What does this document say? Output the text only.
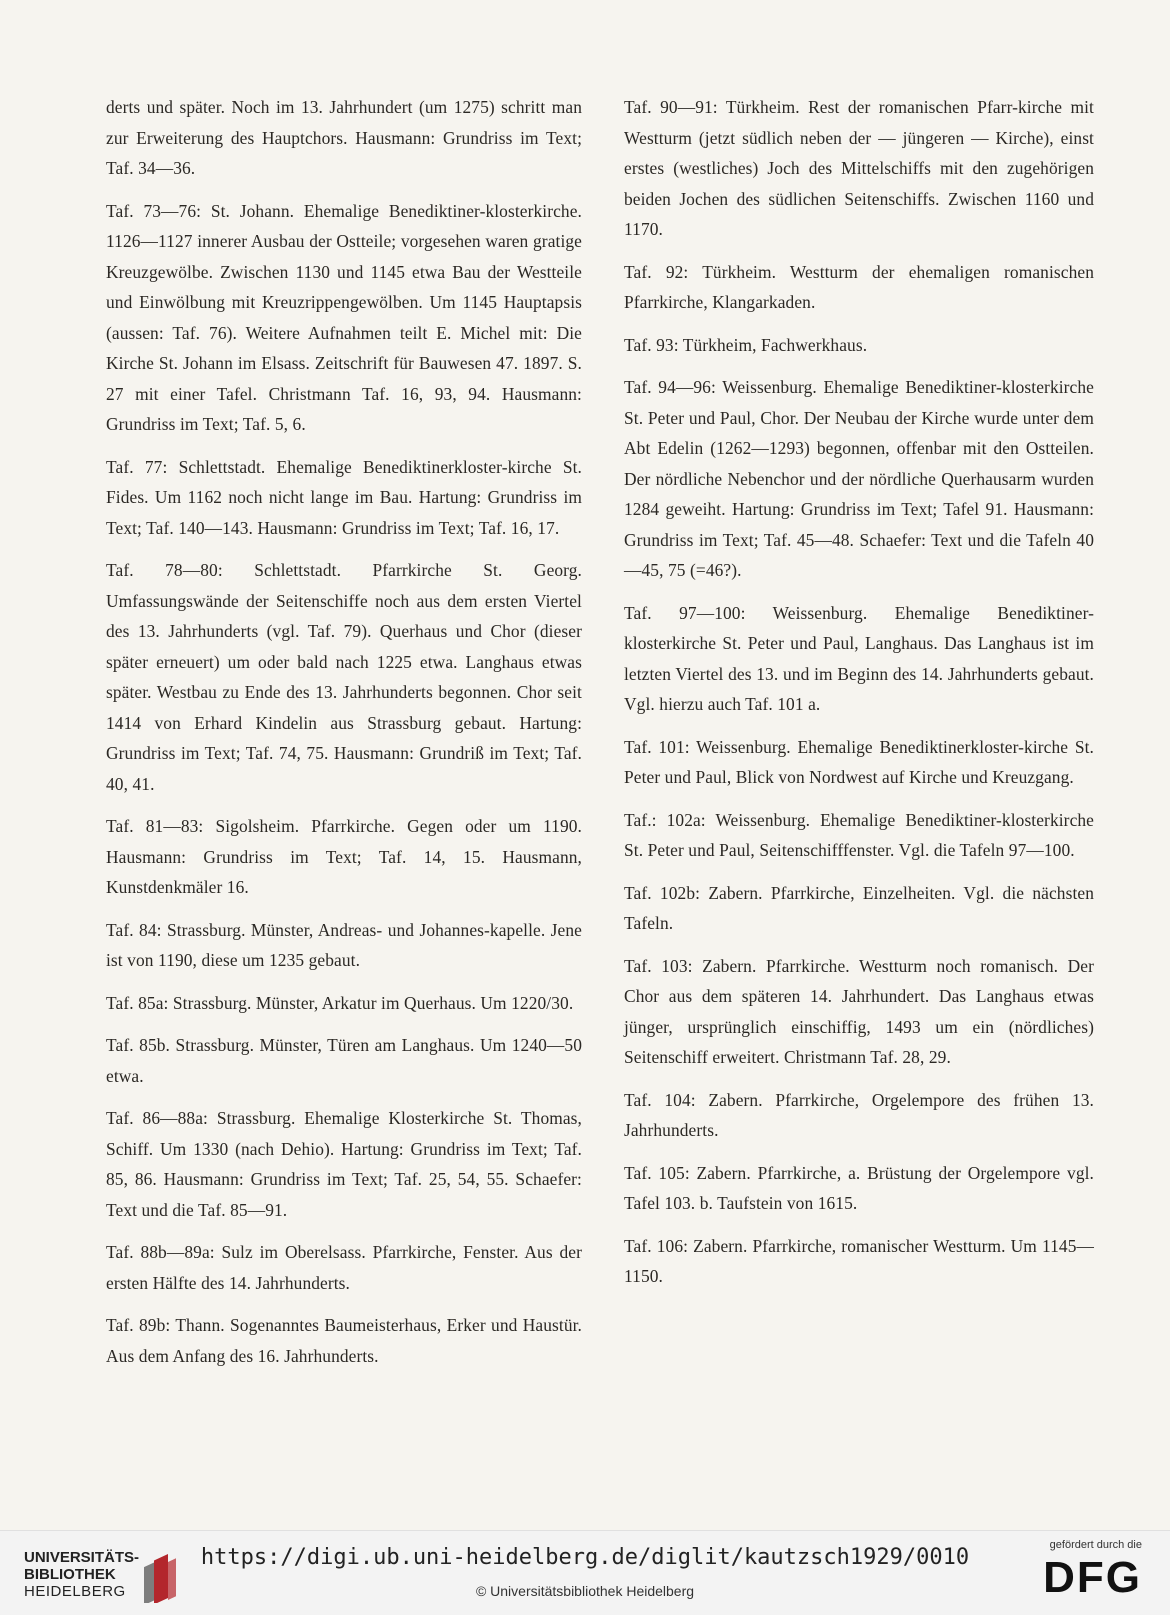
derts und später. Noch im 13. Jahrhundert (um 1275) schritt man zur Erweiterung des Hauptchors. Hausmann: Grundriss im Text; Taf. 34—36.

Taf. 73—76: St. Johann. Ehemalige Benediktiner-klosterkirche. 1126—1127 innerer Ausbau der Ostteile; vorgesehen waren gratige Kreuzgewölbe. Zwischen 1130 und 1145 etwa Bau der Westteile und Einwölbung mit Kreuzrippengewölben. Um 1145 Hauptapsis (aussen: Taf. 76). Weitere Aufnahmen teilt E. Michel mit: Die Kirche St. Johann im Elsass. Zeitschrift für Bauwesen 47. 1897. S. 27 mit einer Tafel. Christmann Taf. 16, 93, 94. Hausmann: Grundriss im Text; Taf. 5, 6.

Taf. 77: Schlettstadt. Ehemalige Benediktinerkloster-kirche St. Fides. Um 1162 noch nicht lange im Bau. Hartung: Grundriss im Text; Taf. 140—143. Hausmann: Grundriss im Text; Taf. 16, 17.

Taf. 78—80: Schlettstadt. Pfarrkirche St. Georg. Umfassungswände der Seitenschiffe noch aus dem ersten Viertel des 13. Jahrhunderts (vgl. Taf. 79). Querhaus und Chor (dieser später erneuert) um oder bald nach 1225 etwa. Langhaus etwas später. Westbau zu Ende des 13. Jahrhunderts begonnen. Chor seit 1414 von Erhard Kindelin aus Strassburg gebaut. Hartung: Grundriss im Text; Taf. 74, 75. Hausmann: Grundriß im Text; Taf. 40, 41.

Taf. 81—83: Sigolsheim. Pfarrkirche. Gegen oder um 1190. Hausmann: Grundriss im Text; Taf. 14, 15. Hausmann, Kunstdenkmäler 16.

Taf. 84: Strassburg. Münster, Andreas- und Johannes-kapelle. Jene ist von 1190, diese um 1235 gebaut.

Taf. 85a: Strassburg. Münster, Arkatur im Querhaus. Um 1220/30.

Taf. 85b. Strassburg. Münster, Türen am Langhaus. Um 1240—50 etwa.

Taf. 86—88a: Strassburg. Ehemalige Klosterkirche St. Thomas, Schiff. Um 1330 (nach Dehio). Hartung: Grundriss im Text; Taf. 85, 86. Hausmann: Grundriss im Text; Taf. 25, 54, 55. Schaefer: Text und die Taf. 85—91.

Taf. 88b—89a: Sulz im Oberelsass. Pfarrkirche, Fenster. Aus der ersten Hälfte des 14. Jahrhunderts.

Taf. 89b: Thann. Sogenanntes Baumeisterhaus, Erker und Haustür. Aus dem Anfang des 16. Jahrhunderts.

Taf. 90—91: Türkheim. Rest der romanischen Pfarr-kirche mit Westturm (jetzt südlich neben der — jüngeren — Kirche), einst erstes (westliches) Joch des Mittelschiffs mit den zugehörigen beiden Jochen des südlichen Seitenschiffs. Zwischen 1160 und 1170.

Taf. 92: Türkheim. Westturm der ehemaligen romanischen Pfarrkirche, Klangarkaden.

Taf. 93: Türkheim, Fachwerkhaus.

Taf. 94—96: Weissenburg. Ehemalige Benediktiner-klosterkirche St. Peter und Paul, Chor. Der Neubau der Kirche wurde unter dem Abt Edelin (1262—1293) begonnen, offenbar mit den Ostteilen. Der nördliche Nebenchor und der nördliche Querhausarm wurden 1284 geweiht. Hartung: Grundriss im Text; Tafel 91. Hausmann: Grundriss im Text; Taf. 45—48. Schaefer: Text und die Tafeln 40—45, 75 (=46?).

Taf. 97—100: Weissenburg. Ehemalige Benediktiner-klosterkirche St. Peter und Paul, Langhaus. Das Langhaus ist im letzten Viertel des 13. und im Beginn des 14. Jahrhunderts gebaut. Vgl. hierzu auch Taf. 101 a.

Taf. 101: Weissenburg. Ehemalige Benediktinerkloster-kirche St. Peter und Paul, Blick von Nordwest auf Kirche und Kreuzgang.

Taf.: 102a: Weissenburg. Ehemalige Benediktiner-klosterkirche St. Peter und Paul, Seitenschifffenster. Vgl. die Tafeln 97—100.

Taf. 102b: Zabern. Pfarrkirche, Einzelheiten. Vgl. die nächsten Tafeln.

Taf. 103: Zabern. Pfarrkirche. Westturm noch romanisch. Der Chor aus dem späteren 14. Jahrhundert. Das Langhaus etwas jünger, ursprünglich einschiffig, 1493 um ein (nördliches) Seitenschiff erweitert. Christmann Taf. 28, 29.

Taf. 104: Zabern. Pfarrkirche, Orgelempore des frühen 13. Jahrhunderts.

Taf. 105: Zabern. Pfarrkirche, a. Brüstung der Orgelempore vgl. Tafel 103. b. Taufstein von 1615.

Taf. 106: Zabern. Pfarrkirche, romanischer Westturm. Um 1145—1150.

UNIVERSITÄTS-
BIBLIOTHEK
HEIDELBERG
https://digi.ub.uni-heidelberg.de/diglit/kautzsch1929/0010
© Universitätsbibliothek Heidelberg
gefördert durch die
DFG
